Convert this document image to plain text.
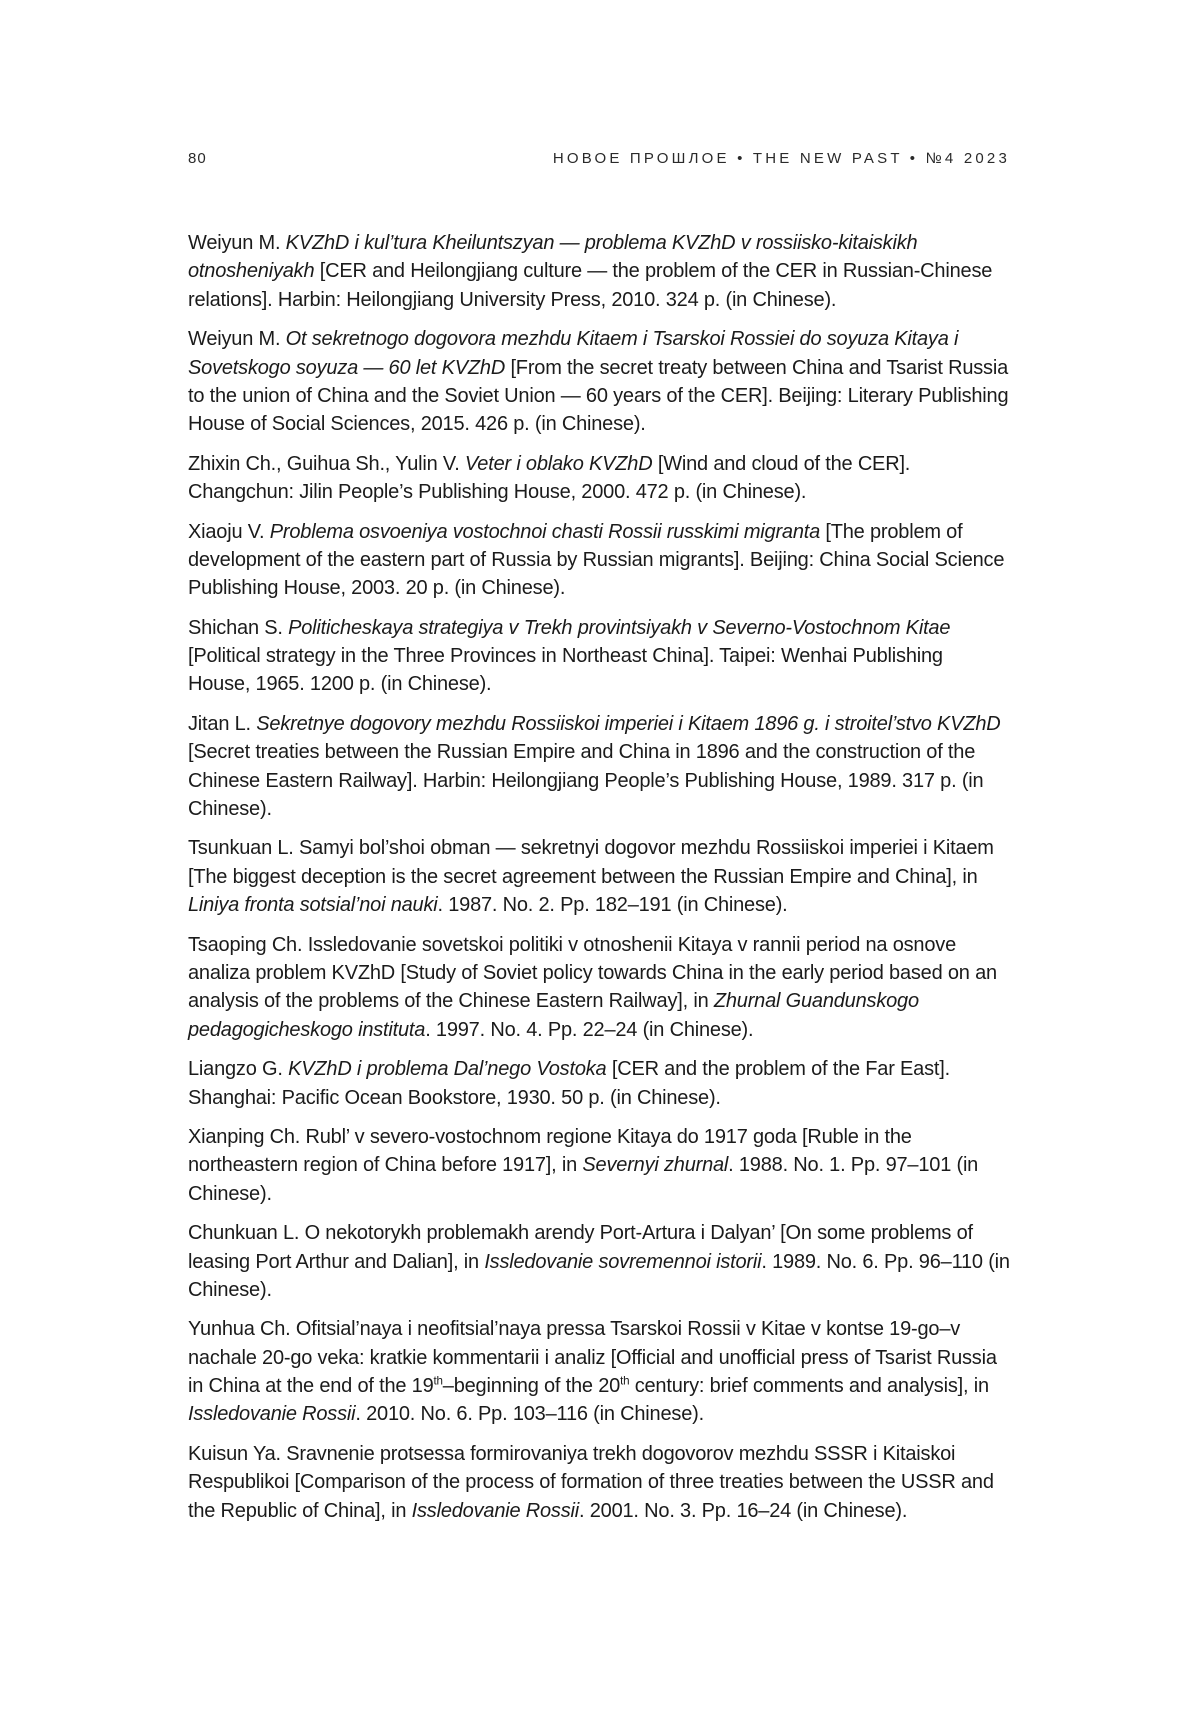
80	НОВОЕ ПРОШЛОЕ • THE NEW PAST • №4 2023

Weiyun M. KVZhD i kul’tura Kheiluntszyan — problema KVZhD v rossiisko-kitaiskikh otnosheniyakh [CER and Heilongjiang culture — the problem of the CER in Russian-Chinese relations]. Harbin: Heilongjiang University Press, 2010. 324 p. (in Chinese).

Weiyun M. Ot sekretnogo dogovora mezhdu Kitaem i Tsarskoi Rossiei do soyuza Kitaya i Sovetskogo soyuza — 60 let KVZhD [From the secret treaty between China and Tsarist Russia to the union of China and the Soviet Union — 60 years of the CER]. Beijing: Literary Publishing House of Social Sciences, 2015. 426 p. (in Chinese).

Zhixin Ch., Guihua Sh., Yulin V. Veter i oblako KVZhD [Wind and cloud of the CER]. Changchun: Jilin People’s Publishing House, 2000. 472 p. (in Chinese).

Xiaoju V. Problema osvoeniya vostochnoi chasti Rossii russkimi migranta [The problem of development of the eastern part of Russia by Russian migrants]. Beijing: China Social Science Publishing House, 2003. 20 p. (in Chinese).

Shichan S. Politicheskaya strategiya v Trekh provintsiyakh v Severno-Vostochnom Kitae [Political strategy in the Three Provinces in Northeast China]. Taipei: Wenhai Publishing House, 1965. 1200 p. (in Chinese).

Jitan L. Sekretnye dogovory mezhdu Rossiiskoi imperiei i Kitaem 1896 g. i stroitel’stvo KVZhD [Secret treaties between the Russian Empire and China in 1896 and the construction of the Chinese Eastern Railway]. Harbin: Heilongjiang People’s Publishing House, 1989. 317 p. (in Chinese).

Tsunkuan L. Samyi bol’shoi obman — sekretnyi dogovor mezhdu Rossiiskoi imperiei i Kitaem [The biggest deception is the secret agreement between the Russian Empire and China], in Liniya fronta sotsial’noi nauki. 1987. No. 2. Pp. 182–191 (in Chinese).

Tsaoping Ch. Issledovanie sovetskoi politiki v otnoshenii Kitaya v rannii period na osnove analiza problem KVZhD [Study of Soviet policy towards China in the early period based on an analysis of the problems of the Chinese Eastern Railway], in Zhurnal Guandunskogo pedagogicheskogo instituta. 1997. No. 4. Pp. 22–24 (in Chinese).

Liangzo G. KVZhD i problema Dal’nego Vostoka [CER and the problem of the Far East]. Shanghai: Pacific Ocean Bookstore, 1930. 50 p. (in Chinese).

Xianping Ch. Rubl’ v severo-vostochnom regione Kitaya do 1917 goda [Ruble in the northeastern region of China before 1917], in Severnyi zhurnal. 1988. No. 1. Pp. 97–101 (in Chinese).

Chunkuan L. O nekotorykh problemakh arendy Port-Artura i Dalyan’ [On some problems of leasing Port Arthur and Dalian], in Issledovanie sovremennoi istorii. 1989. No. 6. Pp. 96–110 (in Chinese).

Yunhua Ch. Ofitsial’naya i neofitsial’naya pressa Tsarskoi Rossii v Kitae v kontse 19-go–v nachale 20-go veka: kratkie kommentarii i analiz [Official and unofficial press of Tsarist Russia in China at the end of the 19th–beginning of the 20th century: brief comments and analysis], in Issledovanie Rossii. 2010. No. 6. Pp. 103–116 (in Chinese).

Kuisun Ya. Sravnenie protsessa formirovaniya trekh dogovorov mezhdu SSSR i Kitaiskoi Respublikoi [Comparison of the process of formation of three treaties between the USSR and the Republic of China], in Issledovanie Rossii. 2001. No. 3. Pp. 16–24 (in Chinese).
